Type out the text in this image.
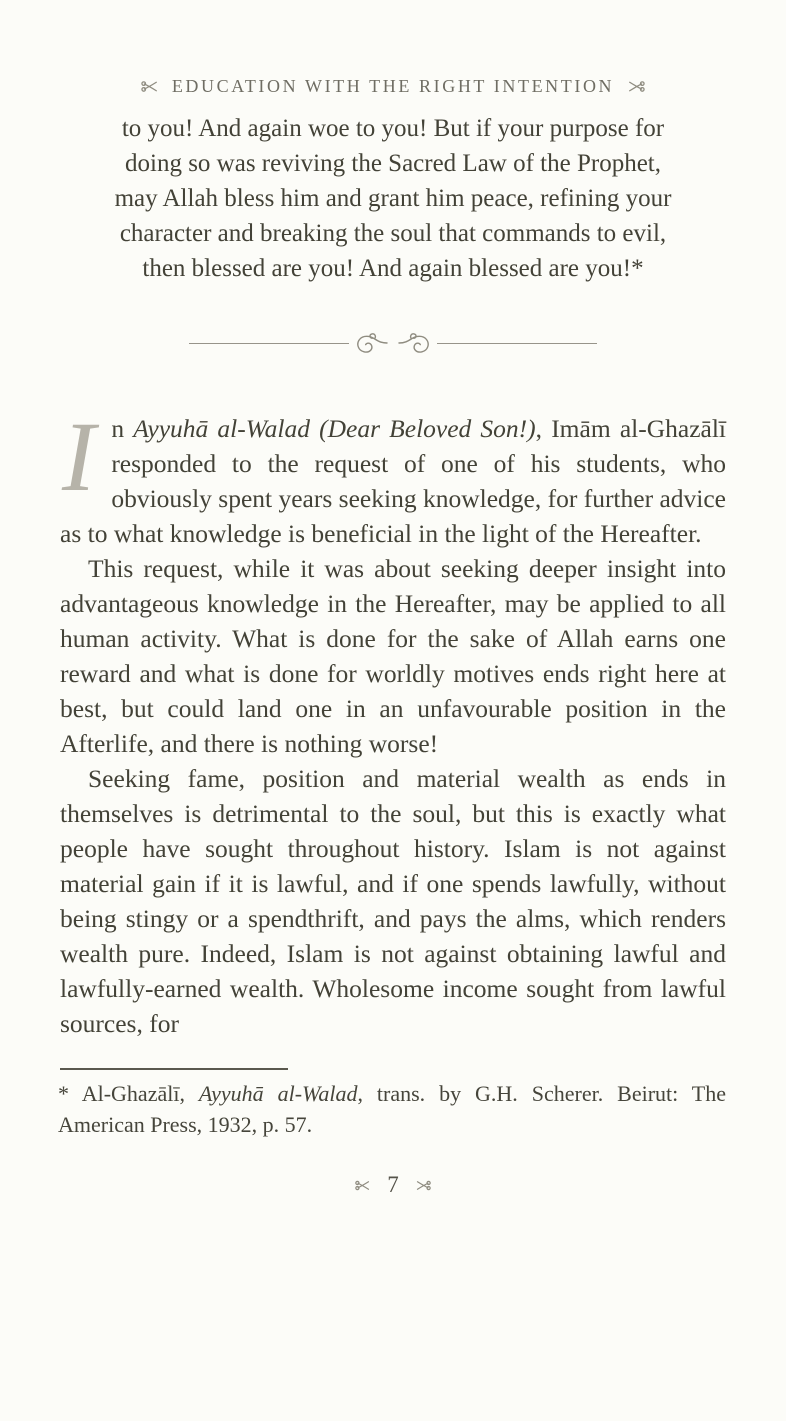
EDUCATION WITH THE RIGHT INTENTION
to you! And again woe to you! But if your purpose for
doing so was reviving the Sacred Law of the Prophet,
may Allah bless him and grant him peace, refining your
character and breaking the soul that commands to evil,
then blessed are you! And again blessed are you!*

In Ayyuhā al-Walad (Dear Beloved Son!), Imām al-Ghazālī responded to the request of one of his students, who obviously spent years seeking knowledge, for further advice as to what knowledge is beneficial in the light of the Hereafter.

This request, while it was about seeking deeper insight into advantageous knowledge in the Hereafter, may be applied to all human activity. What is done for the sake of Allah earns one reward and what is done for worldly motives ends right here at best, but could land one in an unfavourable position in the Afterlife, and there is nothing worse!

Seeking fame, position and material wealth as ends in themselves is detrimental to the soul, but this is exactly what people have sought throughout history. Islam is not against material gain if it is lawful, and if one spends lawfully, without being stingy or a spendthrift, and pays the alms, which renders wealth pure. Indeed, Islam is not against obtaining lawful and lawfully-earned wealth. Wholesome income sought from lawful sources, for

* Al-Ghazālī, Ayyuhā al-Walad, trans. by G.H. Scherer. Beirut: The American Press, 1932, p. 57.
7
